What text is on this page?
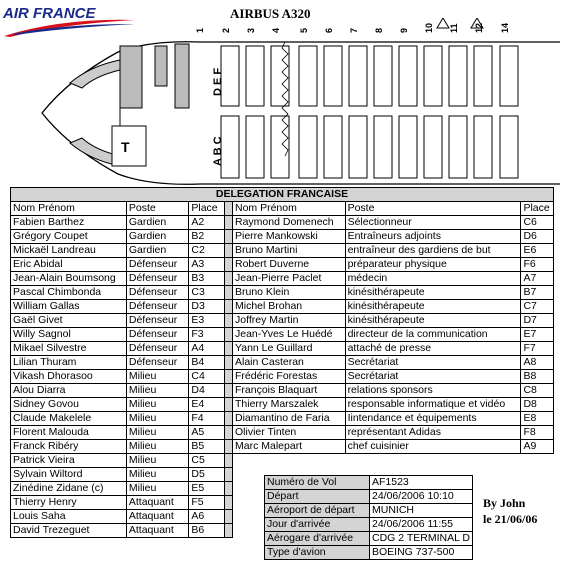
AIR FRANCE	AIRBUS A320
T
1 2 3 4 5 6 7 8 9 10 11 12 14
D E F
A B C
DELEGATION FRANCAISE						
Nom Prénom	Poste	Place		Nom Prénom	Poste	Place
Fabien Barthez	Gardien	A2		Raymond Domenech	Sélectionneur	C6
Grégory Coupet	Gardien	B2		Pierre Mankowski	Entraîneurs adjoints	D6
Mickaël Landreau	Gardien	C2		Bruno Martini	entraîneur des gardiens de but	E6
Eric Abidal	Défenseur	A3		Robert Duverne	préparateur physique	F6
Jean-Alain Boumsong	Défenseur	B3		Jean-Pierre Paclet	médecin	A7
Pascal Chimbonda	Défenseur	C3		Bruno Klein	kinésithérapeute	B7
William Gallas	Défenseur	D3		Michel Brohan	kinésithérapeute	C7
Gaël Givet	Défenseur	E3		Joffrey Martin	kinésithérapeute	D7
Willy Sagnol	Défenseur	F3		Jean-Yves Le Huédé	directeur de la communication	E7
Mikael Silvestre	Défenseur	A4		Yann Le Guillard	attaché de presse	F7
Lilian Thuram	Défenseur	B4		Alain Casteran	Secrétariat	A8
Vikash Dhorasoo	Milieu	C4		Frédéric Forestas	Secrétariat	B8
Alou Diarra	Milieu	D4		François Blaquart	relations sponsors	C8
Sidney Govou	Milieu	E4		Thierry Marszalek	responsable informatique et vidéo	D8
Claude Makelele	Milieu	F4		Diamantino de Faria	Iintendance et équipements	E8
Florent Malouda	Milieu	A5		Olivier Tinten	représentant Adidas	F8
Franck Ribéry	Milieu	B5		Marc Malepart	chef cuisinier	A9
Patrick Vieira	Milieu	C5				
Sylvain Wiltord	Milieu	D5				
Zinédine Zidane (c)	Milieu	E5				
Thierry Henry	Attaquant	F5				
Louis Saha	Attaquant	A6				
David Trezeguet	Attaquant	B6				
Numéro de Vol	AF1523
Départ	24/06/2006 10:10
Aéroport de départ	MUNICH
Jour d'arrivée	24/06/2006 11:55
Aérogare d'arrivée	CDG 2 TERMINAL D
Type d'avion	BOEING 737-500
By John
le 21/06/06
